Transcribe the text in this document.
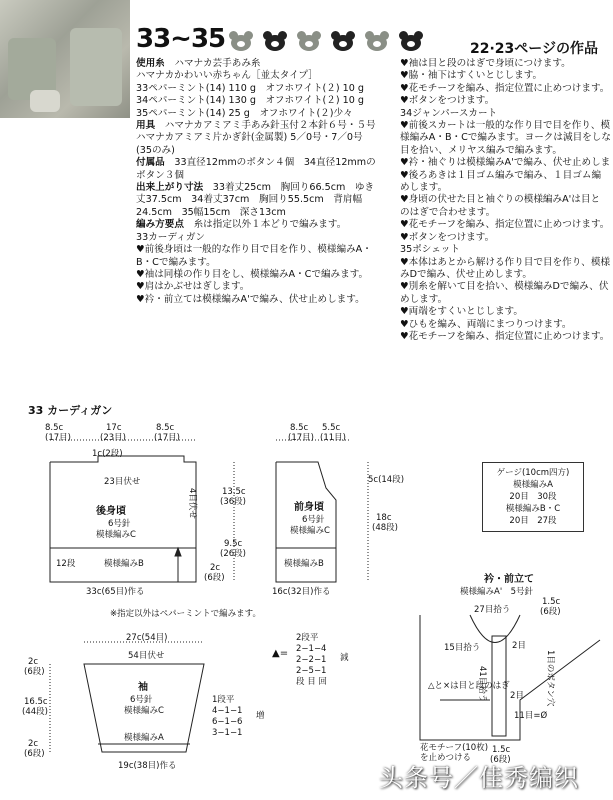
33~35	22·23ページの作品
使用糸　 ハマナカ芸手あみ糸
ハマナカかわいい赤ちゃん［並太タイプ］
33ペパーミント(14) 110 g　オフホワイト(２) 10 g
34ペパーミント(14) 130 g　オフホワイト(２) 10 g
35ペパーミント(14) 25 g　オフホワイト(２)少々
用具　 ハマナカアミアミ手あみ針玉付２本針６号・５号　ハマナカアミアミ片かぎ針(金属製) 5／0号・7／0号(35のみ)
付属品　 33直径12mmのボタン４個　34直径12mmのボタン３個
出来上がり寸法　 33着丈25cm　胸回り66.5cm　ゆき丈37.5cm　34着丈37cm　胸回り55.5cm　背肩幅24.5cm　35幅15cm　深さ13cm
編み方要点　 糸は指定以外１本どりで編みます。
33カーディガン
♥前後身頃は一般的な作り目で目を作り、模様編みA・B・Cで編みます。
♥袖は同様の作り目をし、模様編みA・Cで編みます。
♥肩はかぶせはぎします。
♥衿・前立ては模様編みA'で編み、伏せ止めします。
♥袖は目と段のはぎで身頃につけます。
♥脇・袖下はすくいとじします。
♥花モチーフを編み、指定位置に止めつけます。
♥ボタンをつけます。
34ジャンパースカート
♥前後スカートは一般的な作り目で目を作り、模
様編みA・B・Cで編みます。ヨークは減目をしな
目を拾い、メリヤス編みで編みます。
♥衿・袖ぐりは模様編みA'で編み、伏せ止めしま
♥後ろあきは１目ゴム編みで編み、１目ゴム編
めします。
♥身頃の伏せた目と袖ぐりの模様編みA'は目と
のはぎで合わせます。
♥花モチーフを編み、指定位置に止めつけます。
♥ボタンをつけます。
35ポシェット
♥本体はあとから解ける作り目で目を作り、模様
みDで編み、伏せ止めします。
♥別糸を解いて目を拾い、模様編みDで編み、伏
めします。
♥両端をすくいとじします。
♥ひもを編み、両端にまつりつけます。
♥花モチーフを編み、指定位置に止めつけます。
33 カーディガン
ゲージ(10cm四方)
模様編みA
20目　30段
模様編みB・C
20目　27段
8.5c
(17目)
17c
(23目)
8.5c
(17目)
1c(2段)
23目伏せ
4目伏せ
後身頃
6号針
模様編みC
12段	模様編みB
13.5c
(36段)
9.5c
(26段)
2c
(6段)
33c(65目)作る
8.5c
(17目)
5.5c
(11目)
5c(14段)
前身頃
6号針
模様編みC
模様編みB
18c
(48段)
16c(32目)作る
※指定以外はペパーミントで編みます。
27c(54目)
54目伏せ
袖
6号針
模様編みC
模様編みA
2c
(6段)
16.5c
(44段)
2c
(6段)
19c(38目)作る
1段平
4−1−1
6−1−6
3−1−1
増
2段平
2−1−4
2−2−1
2−5−1
段 目 回
減
▲=
衿・前立て
模様編みA'　5号針
1.5c
(6段)
27目拾う
15目拾う
41目拾う
2目
2目
11目=Ø
1目のボタン穴
△と×は目と段のはぎ
花モチーフ(10枚)
を止めつける
1.5c
(6段)
头条号／佳秀编织
